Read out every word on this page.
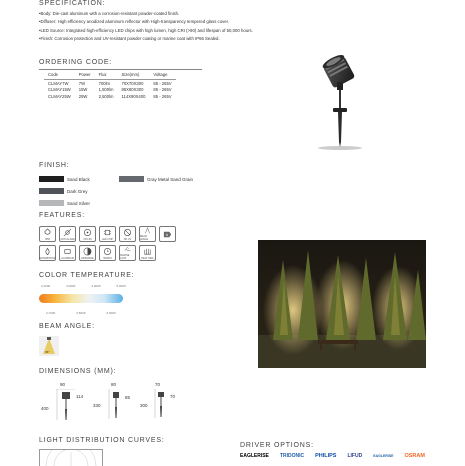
SPECIFICATION:
•Body: Die-cast aluminum with a corrosion-resistant powder-coated finish.
•Diffuser: High efficiency anodized aluminum reflector with High-transparency tempered glass cover.
•LED Source: Integrated high-efficiency LED chips with high lumen, high CRI (>90) and lifespan of 50,000 hours.
•Finish: Corrosion protection and UV-resistant powder coating or marine coat with IP66 Sealed.
ORDERING CODE:
Code	Power	Flux	Size(mm)	Voltage
CLMAY7W	7W	700lm	70X70X300	85 - 265V
CLMAY15W	15W	1,500lm	85X80X300	85 - 265V
CLMAY25W	25W	2,500lm	114X90X400	85 - 265V
FINISH:
Sand Black
Dark Grey
Sand Silver
Gray Metal Sand Grain
FEATURES:
IP66	ANTI-GLARE	CRI>90	LED CHIP	NO UV
BEAM ANGLE
A
WATERPROOF ALUMINUM	DIMMABLE	50000H
MARINE COAT	HEAT SINK
COLOR TEMPERATURE:
2,200K	3,000K	4,000K	5,000K
2,700K	3,500K	6,500K
BEAM ANGLE:
36°
DIMENSIONS (MM):
90
114
400
80
85
330
70
70
300
LIGHT DISTRIBUTION CURVES:
DRIVER OPTIONS:
EAGLERISE TRIDONIC PHILIPS LIFUD	EAGLERISE OSRAM
